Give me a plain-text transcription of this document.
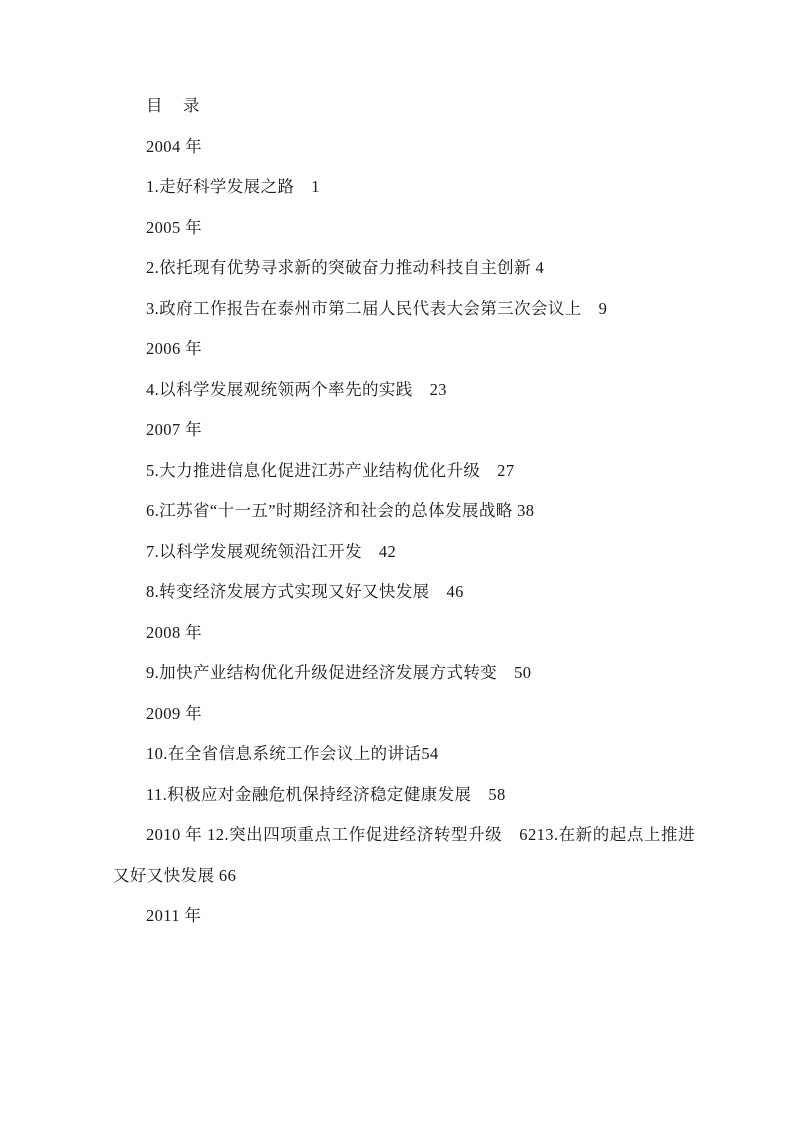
目　录
2004 年
1.走好科学发展之路　1
2005 年
2.依托现有优势寻求新的突破奋力推动科技自主创新 4
3.政府工作报告在泰州市第二届人民代表大会第三次会议上　9
2006 年
4.以科学发展观统领两个率先的实践　23
2007 年
5.大力推进信息化促进江苏产业结构优化升级　27
6.江苏省“十一五”时期经济和社会的总体发展战略 38
7.以科学发展观统领沿江开发　42
8.转变经济发展方式实现又好又快发展　46
2008 年
9.加快产业结构优化升级促进经济发展方式转变　50
2009 年
10.在全省信息系统工作会议上的讲话54
11.积极应对金融危机保持经济稳定健康发展　58
2010 年 12.突出四项重点工作促进经济转型升级　6213.在新的起点上推进又好又快发展 66
2011 年
